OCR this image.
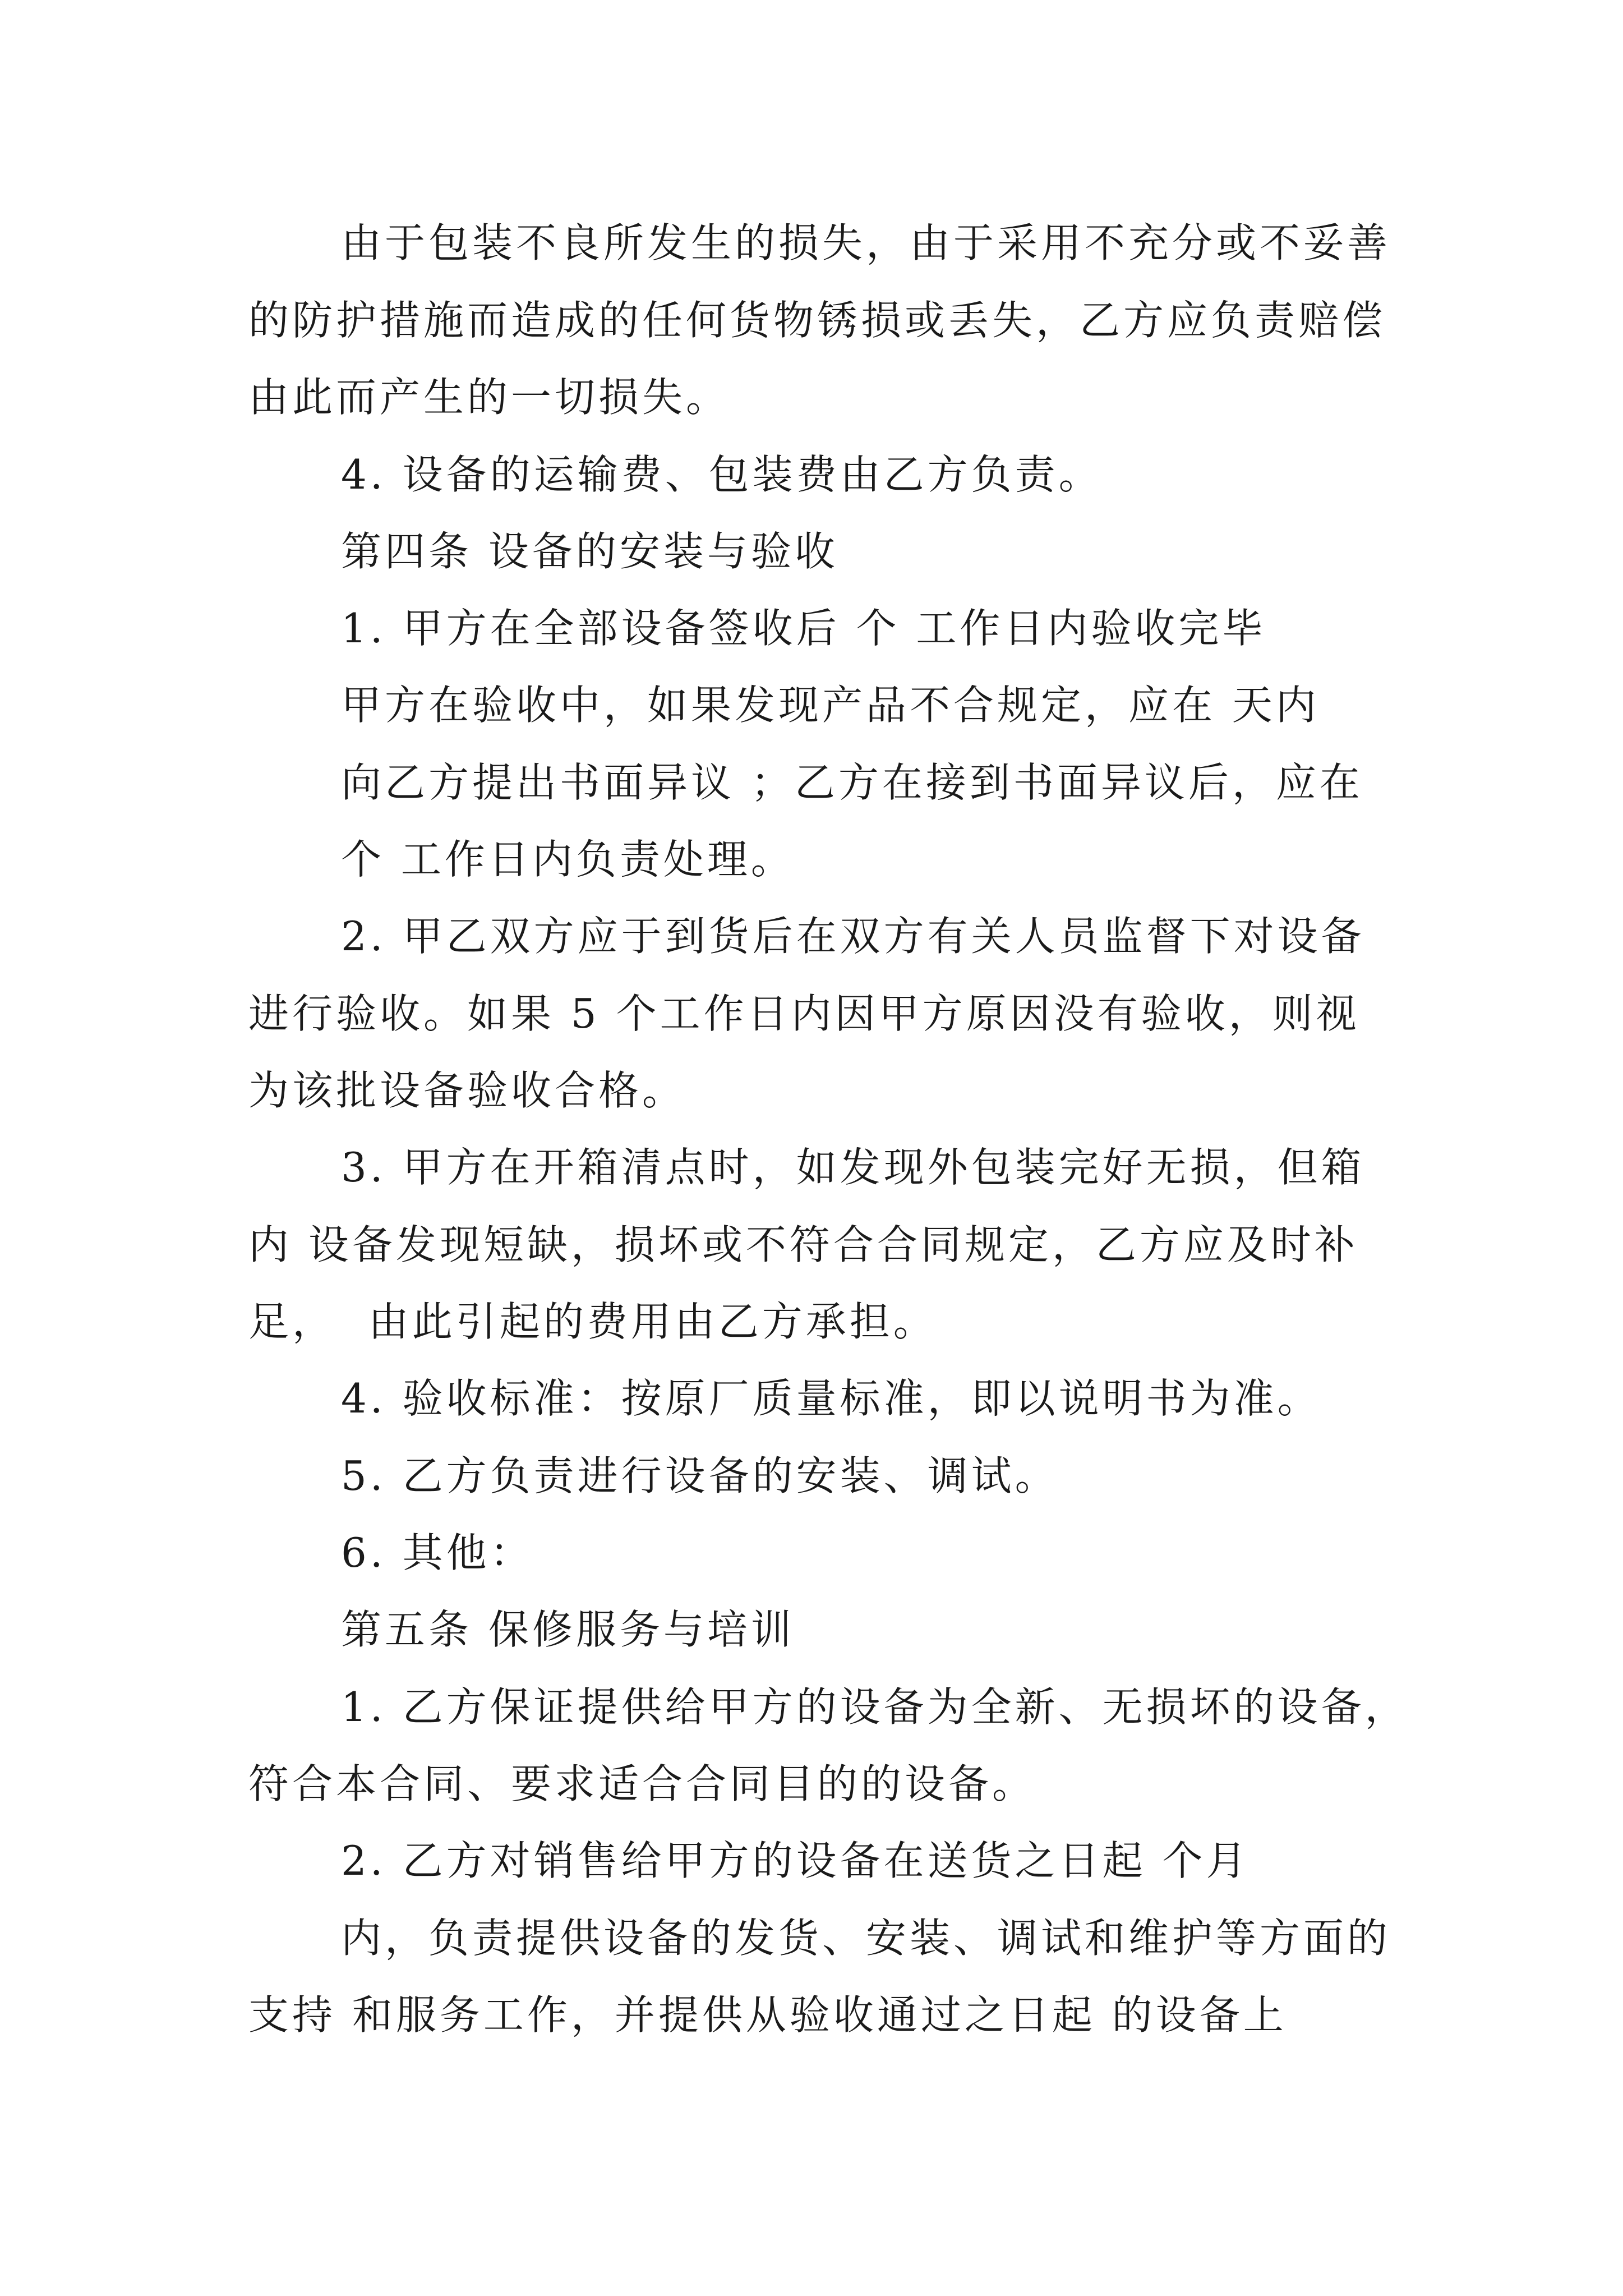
由于包装不良所发生的损失，由于采用不充分或不妥善

的防护措施而造成的任何货物锈损或丢失，乙方应负责赔偿

由此而产生的一切损失。

4. 设备的运输费、包装费由乙方负责。

第四条 设备的安装与验收

1. 甲方在全部设备签收后 个 工作日内验收完毕

甲方在验收中，如果发现产品不合规定，应在 天内

向乙方提出书面异议 ；乙方在接到书面异议后，应在

个 工作日内负责处理。

2. 甲乙双方应于到货后在双方有关人员监督下对设备

进行验收。如果 5 个工作日内因甲方原因没有验收，则视

为该批设备验收合格。

3. 甲方在开箱清点时，如发现外包装完好无损，但箱

内 设备发现短缺，损坏或不符合合同规定，乙方应及时补

足，  由此引起的费用由乙方承担。

4. 验收标准：按原厂质量标准，即以说明书为准。

5. 乙方负责进行设备的安装、调试。

6. 其他：

第五条 保修服务与培训

1. 乙方保证提供给甲方的设备为全新、无损坏的设备，

符合本合同、要求适合合同目的的设备。

2. 乙方对销售给甲方的设备在送货之日起 个月

内，负责提供设备的发货、安装、调试和维护等方面的

支持 和服务工作，并提供从验收通过之日起 的设备上
